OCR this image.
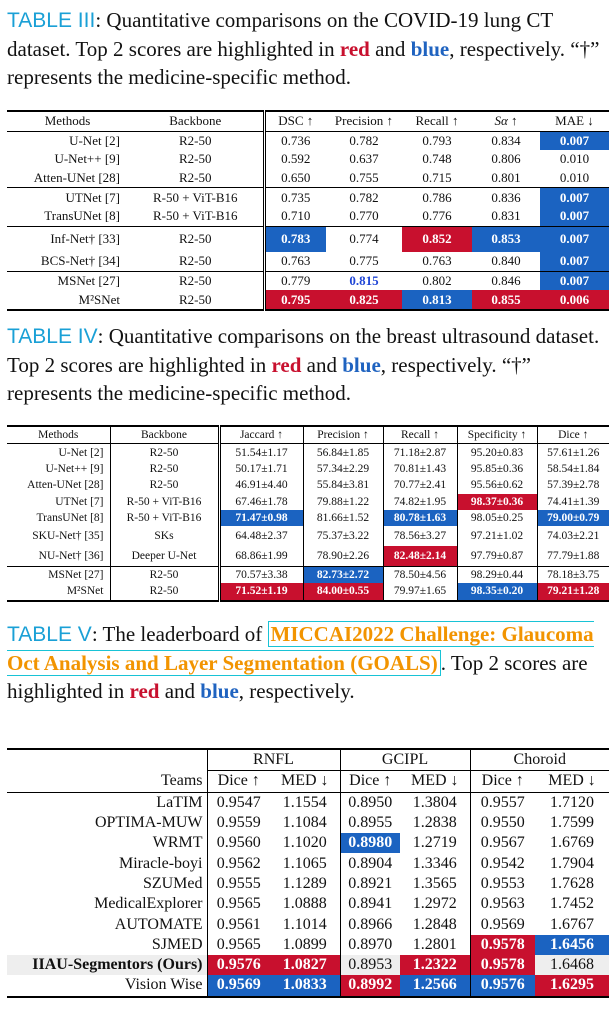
TABLE III: Quantitative comparisons on the COVID-19 lung CT dataset. Top 2 scores are highlighted in red and blue, respectively. “†” represents the medicine-specific method.
Methods	Backbone	DSC ↑	Precision ↑	Recall ↑	Sα ↑	MAE ↓
U-Net [2]	R2-50	0.736	0.782	0.793	0.834	0.007
U-Net++ [9]	R2-50	0.592	0.637	0.748	0.806	0.010
Atten-UNet [28]	R2-50	0.650	0.755	0.715	0.801	0.010
UTNet [7]	R-50 + ViT-B16	0.735	0.782	0.786	0.836	0.007
TransUNet [8]	R-50 + ViT-B16	0.710	0.770	0.776	0.831	0.007
Inf-Net† [33]	R2-50	0.783	0.774	0.852	0.853	0.007
BCS-Net† [34]	R2-50	0.763	0.775	0.763	0.840	0.007
MSNet [27]	R2-50	0.779	0.815	0.802	0.846	0.007
M²SNet	R2-50	0.795	0.825	0.813	0.855	0.006
TABLE IV: Quantitative comparisons on the breast ultrasound dataset. Top 2 scores are highlighted in red and blue, respectively. “†” represents the medicine-specific method.
Methods	Backbone	Jaccard ↑	Precision ↑	Recall ↑	Specificity ↑	Dice ↑
U-Net [2]	R2-50	51.54±1.17	56.84±1.85	71.18±2.87	95.20±0.83	57.61±1.26
U-Net++ [9]	R2-50	50.17±1.71	57.34±2.29	70.81±1.43	95.85±0.36	58.54±1.84
Atten-UNet [28]	R2-50	46.91±4.40	55.84±3.81	70.77±2.41	95.56±0.62	57.39±2.78
UTNet [7]	R-50 + ViT-B16	67.46±1.78	79.88±1.22	74.82±1.95	98.37±0.36	74.41±1.39
TransUNet [8]	R-50 + ViT-B16	71.47±0.98	81.66±1.52	80.78±1.63	98.05±0.25	79.00±0.79
SKU-Net† [35]	SKs	64.48±2.37	75.37±3.22	78.56±3.27	97.21±1.02	74.03±2.21
NU-Net† [36]	Deeper U-Net	68.86±1.99	78.90±2.26	82.48±2.14	97.79±0.87	77.79±1.88
MSNet [27]	R2-50	70.57±3.38	82.73±2.72	78.50±4.56	98.29±0.44	78.18±3.75
M²SNet	R2-50	71.52±1.19	84.00±0.55	79.97±1.65	98.35±0.20	79.21±1.28
TABLE V: The leaderboard of MICCAI2022 Challenge: Glaucoma Oct Analysis and Layer Segmentation (GOALS) . Top 2 scores are highlighted in red and blue, respectively.
	RNFL		GCIPL		Choroid	
Teams	Dice ↑	MED ↓	Dice ↑	MED ↓	Dice ↑	MED ↓
LaTIM	0.9547	1.1554	0.8950	1.3804	0.9557	1.7120
OPTIMA-MUW	0.9559	1.1084	0.8955	1.2838	0.9550	1.7599
WRMT	0.9560	1.1020	0.8980	1.2719	0.9567	1.6769
Miracle-boyi	0.9562	1.1065	0.8904	1.3346	0.9542	1.7904
SZUMed	0.9555	1.1289	0.8921	1.3565	0.9553	1.7628
MedicalExplorer	0.9565	1.0888	0.8941	1.2972	0.9563	1.7452
AUTOMATE	0.9561	1.1014	0.8966	1.2848	0.9569	1.6767
SJMED	0.9565	1.0899	0.8970	1.2801	0.9578	1.6456
IIAU-Segmentors (Ours)	0.9576	1.0827	0.8953	1.2322	0.9578	1.6468
Vision Wise	0.9569	1.0833	0.8992	1.2566	0.9576	1.6295
